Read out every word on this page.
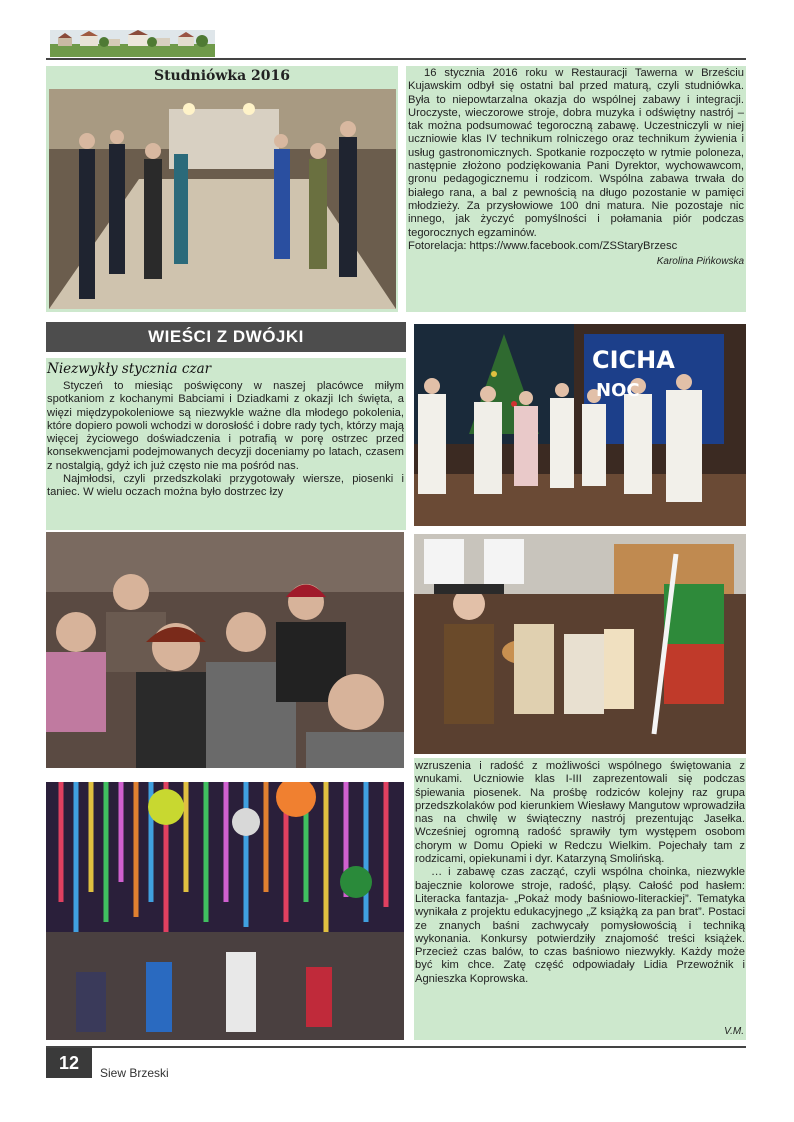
Studniówka 2016	16 stycznia 2016 roku w Restauracji Tawerna w Brześciu Kujawskim odbył się ostatni bal przed maturą, czyli studniówka. Była to niepowtarzalna okazja do wspólnej zabawy i integracji. Uroczyste, wieczorowe stroje, dobra muzyka i odświętny nastrój – tak można podsumować tegoroczną zabawę. Uczestniczyli w niej uczniowie klas IV technikum rolniczego oraz technikum żywienia i usług gastronomicznych. Spotkanie rozpoczęto w rytmie poloneza, następnie złożono podziękowania Pani Dyrektor, wychowawcom, gronu pedagogicznemu i rodzicom. Wspólna zabawa trwała do białego rana, a bal z pewnością na długo pozostanie w pamięci młodzieży. Za przysłowiowe 100 dni matura. Nie pozostaje nic innego, jak życzyć pomyślności i połamania piór podczas tegorocznych egzaminów.

Fotorelacja: https://www.facebook.com/ZSStaryBrzesc
Karolina Pińkowska
WIEŚCI Z DWÓJKI
Niezwykły stycznia czar

Styczeń to miesiąc poświęcony w naszej placówce miłym spotkaniom z kochanymi Babciami i Dziadkami z okazji Ich święta, a więzi międzypokoleniowe są niezwykle ważne dla młodego pokolenia, które dopiero powoli wchodzi w dorosłość i dobre rady tych, którzy mają więcej życiowego doświadczenia i potrafią w porę ostrzec przed konsekwencjami podejmowanych decyzji doceniamy po latach, czasem z nostalgią, gdyż ich już często nie ma pośród nas.

Najmłodsi, czyli przedszkolaki przygotowały wiersze, piosenki i taniec. W wielu oczach można było dostrzec łzy

CICHA
NOC

wzruszenia i radość z możliwości wspólnego świętowania z wnukami. Uczniowie klas I-III zaprezentowali się podczas śpiewania piosenek. Na prośbę rodziców kolejny raz grupa przedszkolaków pod kierunkiem Wiesławy Mangutow wprowadziła nas na chwilę w świąteczny nastrój prezentując Jasełka. Wcześniej ogromną radość sprawiły tym występem osobom chorym w Domu Opieki w Redczu Wielkim. Pojechały tam z rodzicami, opiekunami i dyr. Katarzyną Smolińską.

… i zabawę czas zacząć, czyli wspólna choinka, niezwykle bajecznie kolorowe stroje, radość, pląsy. Całość pod hasłem: Literacka fantazja- „Pokaż mody baśniowo-literackiej”. Tematyka wynikała z projektu edukacyjnego „Z książką za pan brat”. Postaci ze znanych baśni zachwycały pomysłowością i techniką wykonania. Konkursy potwierdziły znajomość treści książek. Przecież czas balów, to czas baśniowo niezwykły. Każdy może być kim chce. Zatę część odpowiadały Lidia Przewoźnik i Agnieszka Koprowska.

V.M.
12	Siew Brzeski
